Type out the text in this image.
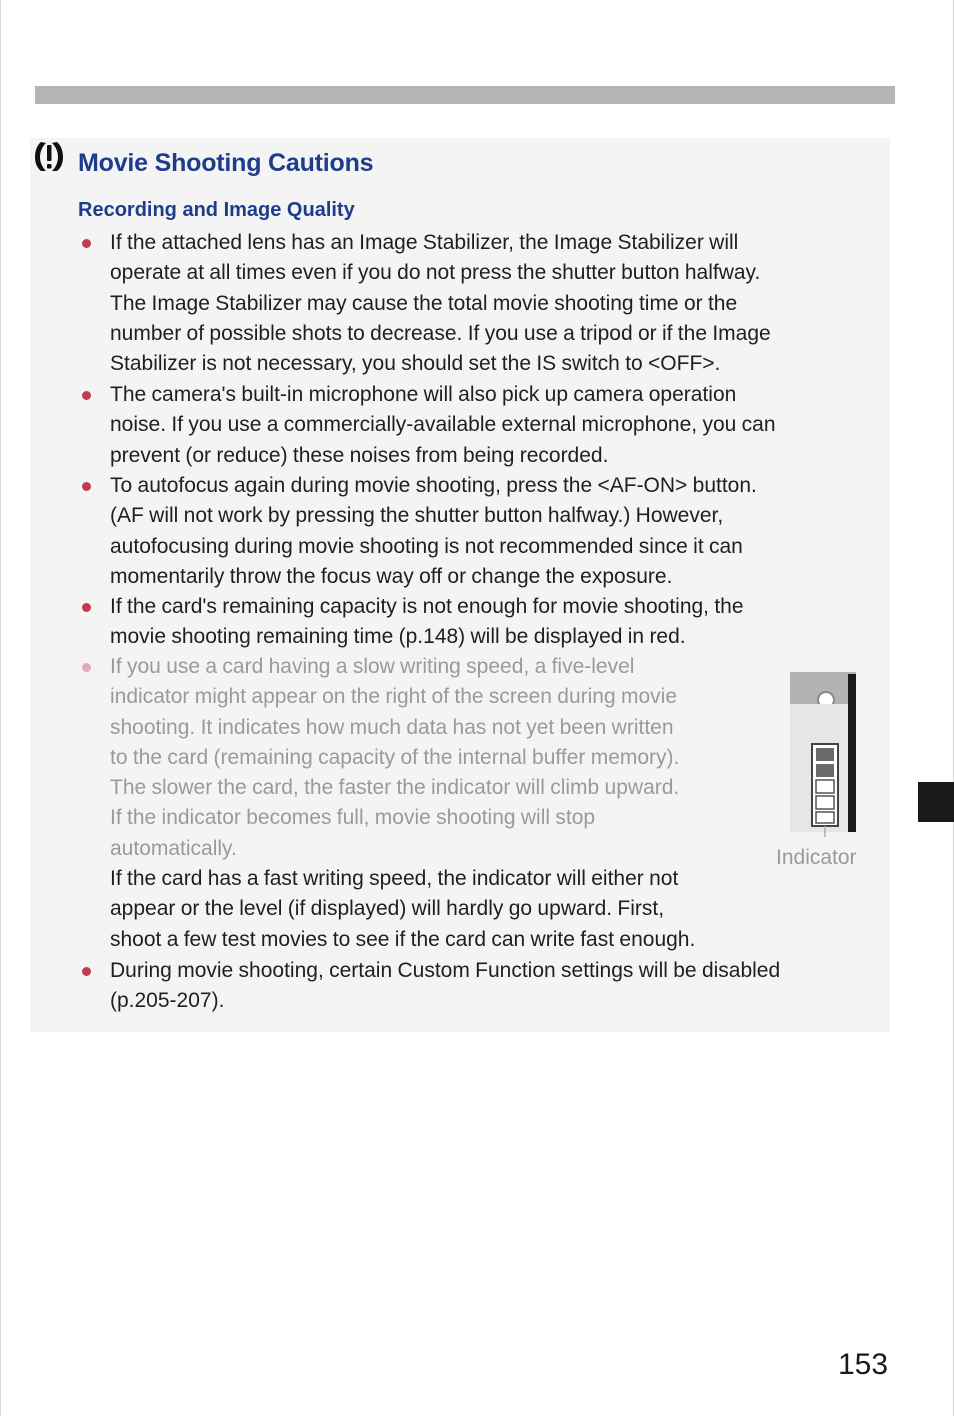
Movie Shooting Cautions
Recording and Image Quality
If the attached lens has an Image Stabilizer, the Image Stabilizer will
operate at all times even if you do not press the shutter button halfway.
The Image Stabilizer may cause the total movie shooting time or the
number of possible shots to decrease. If you use a tripod or if the Image
Stabilizer is not necessary, you should set the IS switch to <OFF>.
The camera's built-in microphone will also pick up camera operation
noise. If you use a commercially-available external microphone, you can
prevent (or reduce) these noises from being recorded.
To autofocus again during movie shooting, press the <AF-ON> button.
(AF will not work by pressing the shutter button halfway.) However,
autofocusing during movie shooting is not recommended since it can
momentarily throw the focus way off or change the exposure.
If the card's remaining capacity is not enough for movie shooting, the
movie shooting remaining time (p.148) will be displayed in red.
If you use a card having a slow writing speed, a five-level
indicator might appear on the right of the screen during movie
shooting. It indicates how much data has not yet been written
to the card (remaining capacity of the internal buffer memory).
The slower the card, the faster the indicator will climb upward.
If the indicator becomes full, movie shooting will stop
automatically.
If the card has a fast writing speed, the indicator will either not
appear or the level (if displayed) will hardly go upward. First,
shoot a few test movies to see if the card can write fast enough.
During movie shooting, certain Custom Function settings will be disabled
(p.205-207).
Indicator
153
